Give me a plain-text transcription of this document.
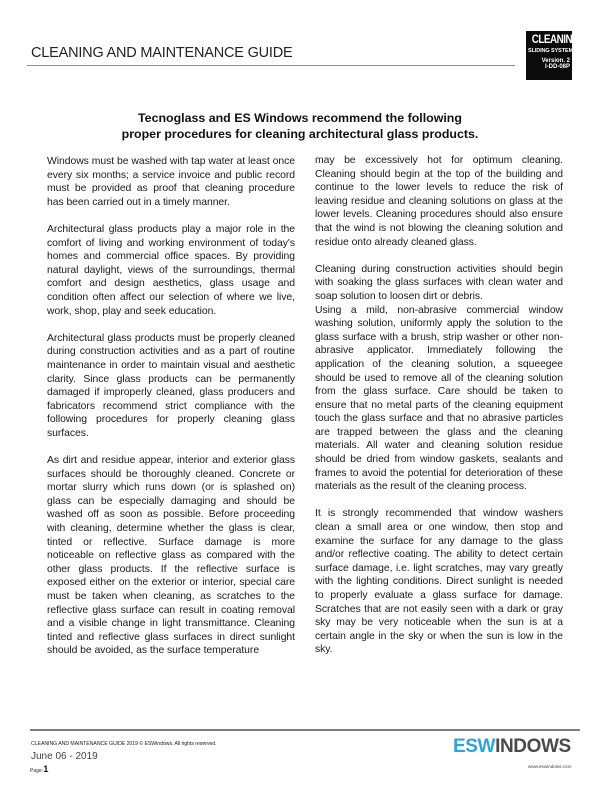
CLEANING AND MAINTENANCE GUIDE
CLEANING
SLIDING SYSTEM
Version. 2
I-DD-08P
Tecnoglass and ES Windows recommend the following
proper procedures for cleaning architectural glass products.

Windows must be washed with tap water at least once every six months; a service invoice and public record must be provided as proof that cleaning procedure has been carried out in a timely manner.

Architectural glass products play a major role in the comfort of living and working environment of today's homes and commercial office spaces. By providing natural daylight, views of the surroundings, thermal comfort and design aesthetics, glass usage and condition often affect our selection of where we live, work, shop, play and seek education.

Architectural glass products must be properly cleaned during construction activities and as a part of routine maintenance in order to maintain visual and aesthetic clarity. Since glass products can be permanently damaged if improperly cleaned, glass producers and fabricators recommend strict compliance with the following procedures for properly cleaning glass surfaces.

As dirt and residue appear, interior and exterior glass surfaces should be thoroughly cleaned. Concrete or mortar slurry which runs down (or is splashed on) glass can be especially damaging and should be washed off as soon as possible. Before proceeding with cleaning, determine whether the glass is clear, tinted or reflective. Surface damage is more noticeable on reflective glass as compared with the other glass products. If the reflective surface is exposed either on the exterior or interior, special care must be taken when cleaning, as scratches to the reflective glass surface can result in coating removal and a visible change in light transmittance. Cleaning tinted and reflective glass surfaces in direct sunlight should be avoided, as the surface temperature

may be excessively hot for optimum cleaning. Cleaning should begin at the top of the building and continue to the lower levels to reduce the risk of leaving residue and cleaning solutions on glass at the lower levels. Cleaning procedures should also ensure that the wind is not blowing the cleaning solution and residue onto already cleaned glass.

Cleaning during construction activities should begin with soaking the glass surfaces with clean water and soap solution to loosen dirt or debris.

Using a mild, non-abrasive commercial window washing solution, uniformly apply the solution to the glass surface with a brush, strip washer or other non-abrasive applicator. Immediately following the application of the cleaning solution, a squeegee should be used to remove all of the cleaning solution from the glass surface. Care should be taken to ensure that no metal parts of the cleaning equipment touch the glass surface and that no abrasive particles are trapped between the glass and the cleaning materials. All water and cleaning solution residue should be dried from window gaskets, sealants and frames to avoid the potential for deterioration of these materials as the result of the cleaning process.

It is strongly recommended that window washers clean a small area or one window, then stop and examine the surface for any damage to the glass and/or reflective coating. The ability to detect certain surface damage, i.e. light scratches, may vary greatly with the lighting conditions. Direct sunlight is needed to properly evaluate a glass surface for damage. Scratches that are not easily seen with a dark or gray sky may be very noticeable when the sun is at a certain angle in the sky or when the sun is low in the sky.

CLEANING AND MAINTENANCE GUIDE 2019 © ESWindows. All rights reserved.
June 06 - 2019
Page-1
ESWINDOWS
www.eswindows.com
